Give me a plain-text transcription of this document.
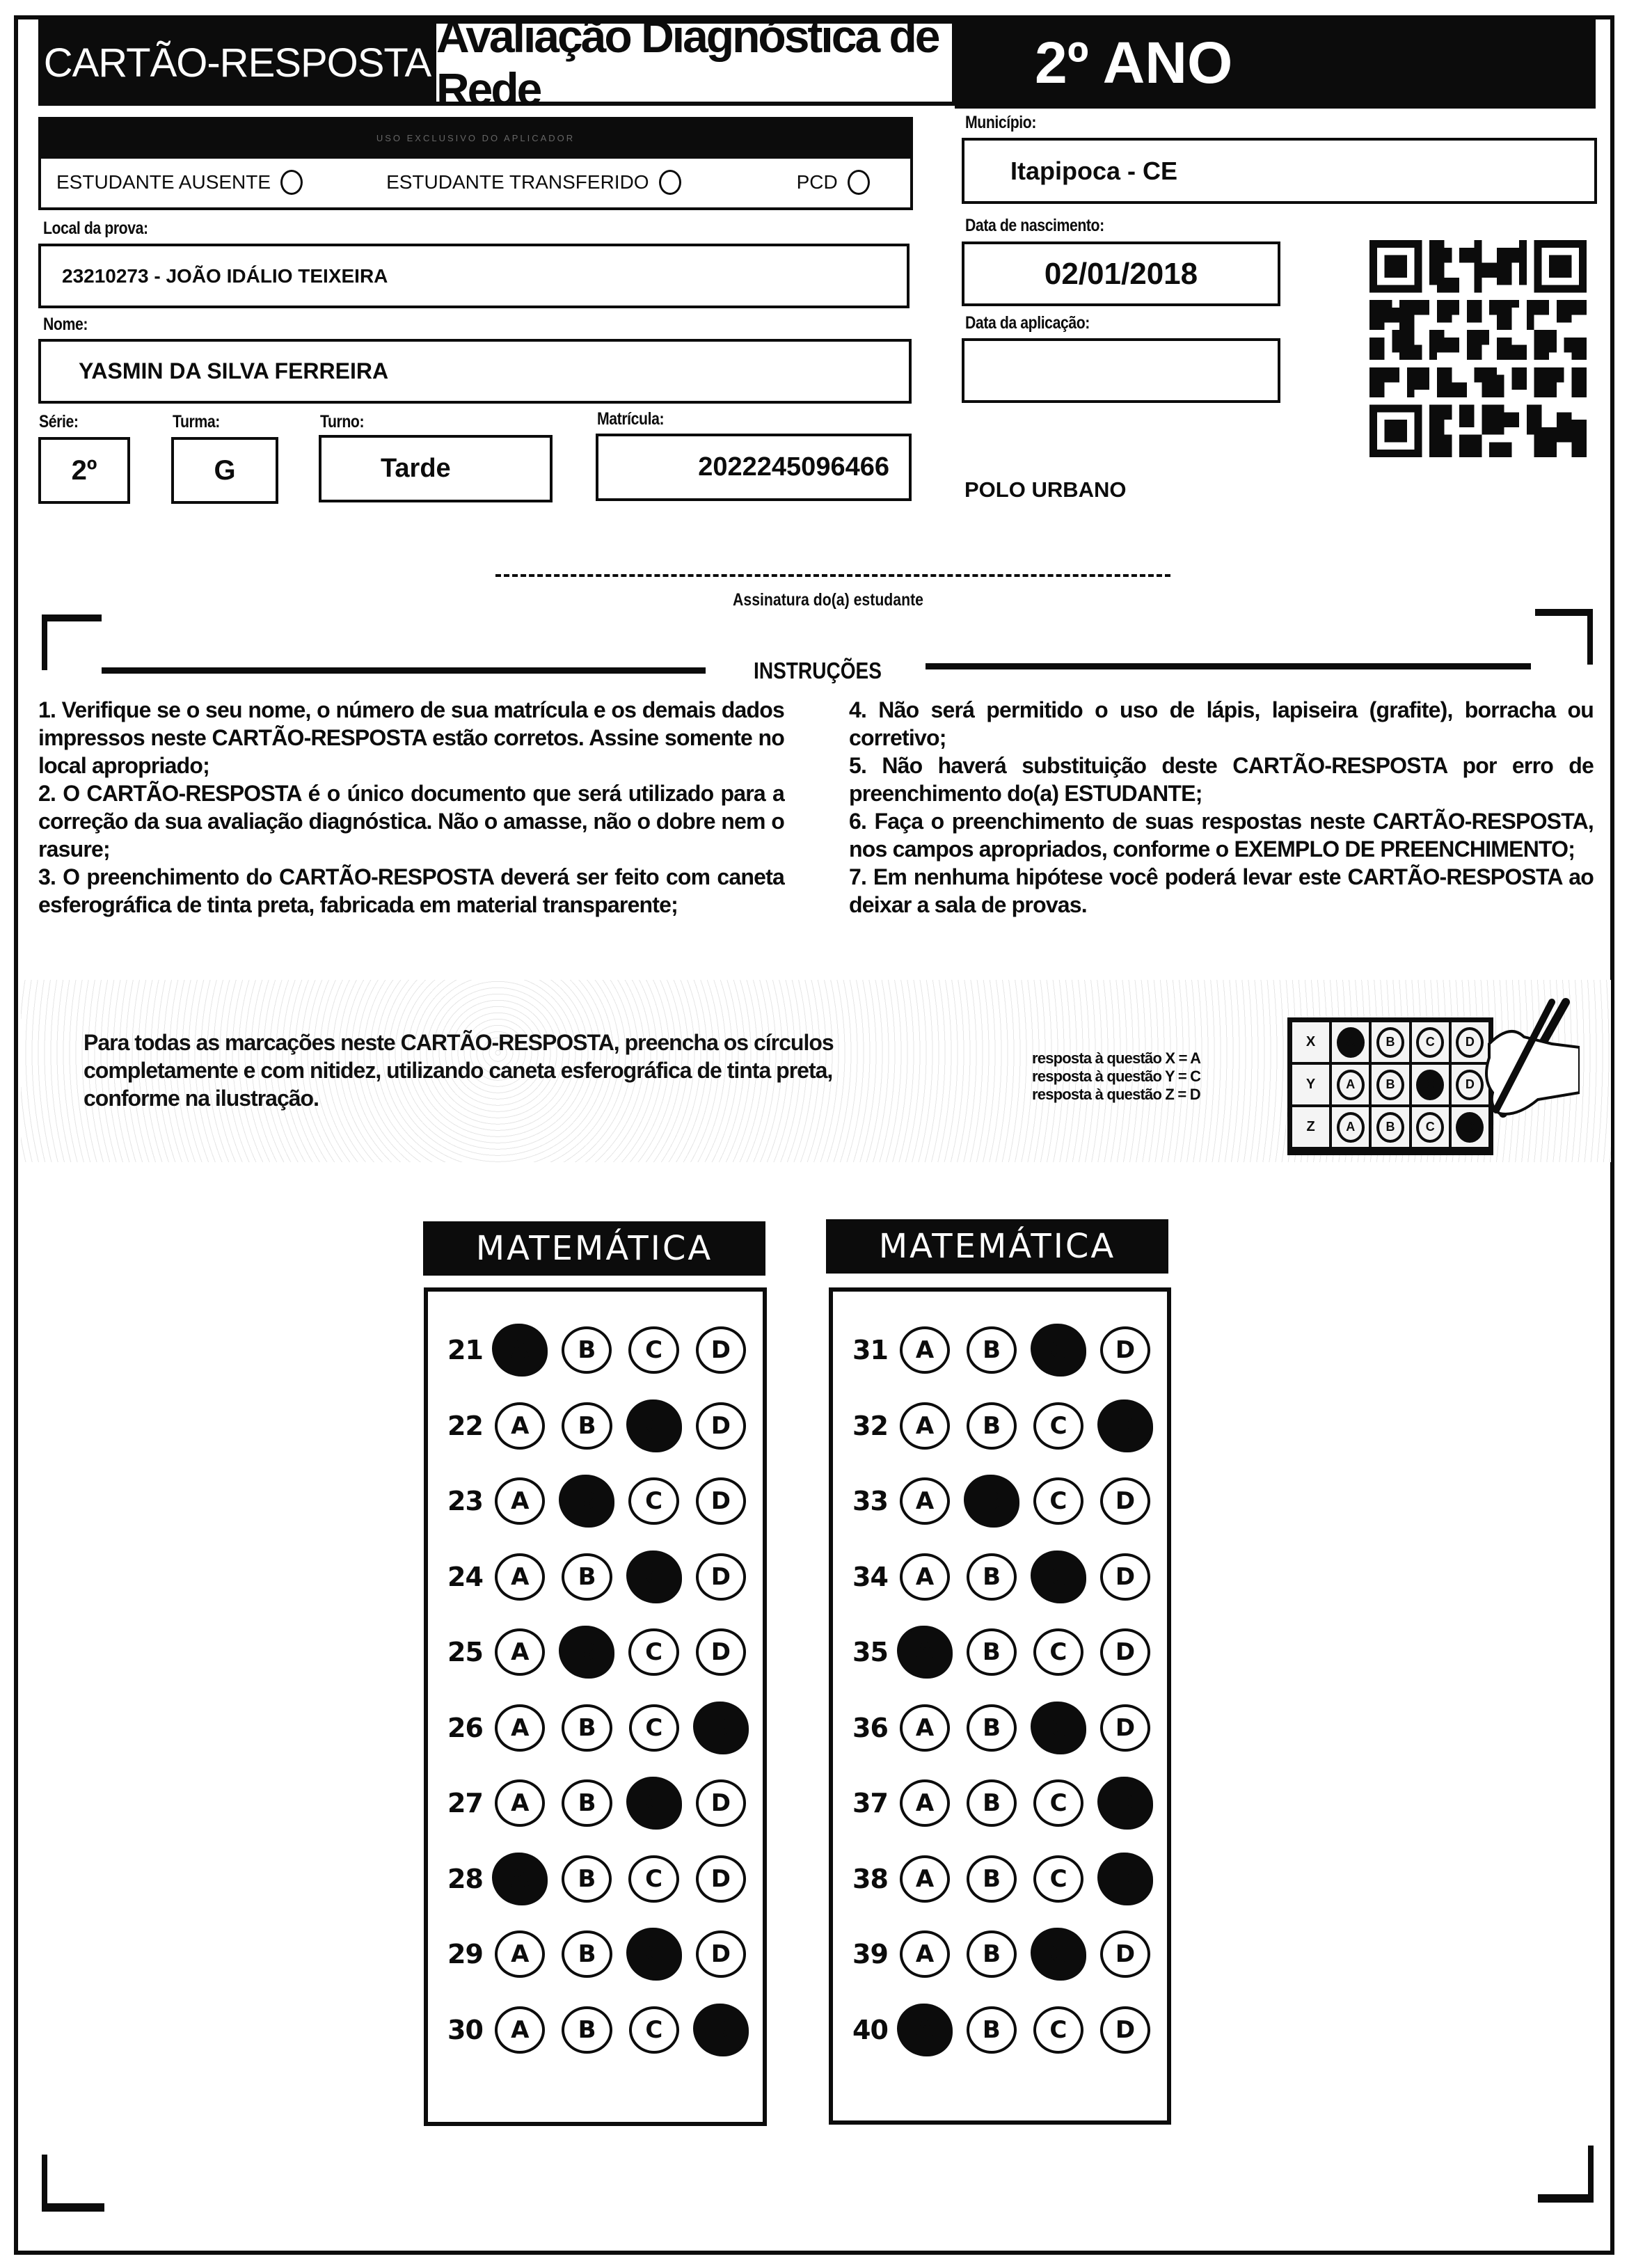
CARTÃO-RESPOSTA
Avaliação Diagnóstica de Rede	2º ANO
USO EXCLUSIVO DO APLICADOR
ESTUDANTE AUSENTE	ESTUDANTE TRANSFERIDO	PCD
Município:
Itapipoca - CE
Local da prova:
23210273 - JOÃO IDÁLIO TEIXEIRA
Nome:
YASMIN DA SILVA FERREIRA
Série:
2º
Turma:
G
Turno:
Tarde
Matrícula:
2022245096466
Data de nascimento:
02/01/2018
Data da aplicação:
POLO URBANO
Assinatura do(a) estudante
INSTRUÇÕES

1. Verifique se o seu nome, o número de sua matrícula e os demais dados impressos neste CARTÃO-RESPOSTA estão corretos. Assine somente no local apropriado;

2. O CARTÃO-RESPOSTA é o único documento que será utilizado para a correção da sua avaliação diagnóstica. Não o amasse, não o dobre nem o rasure;

3. O preenchimento do CARTÃO-RESPOSTA deverá ser feito com caneta esferográfica de tinta preta, fabricada em material transparente;

4. Não será permitido o uso de lápis, lapiseira (grafite), borracha ou corretivo;

5. Não haverá substituição deste CARTÃO-RESPOSTA por erro de preenchimento do(a) ESTUDANTE;

6. Faça o preenchimento de suas respostas neste CARTÃO-RESPOSTA, nos campos apropriados, conforme o EXEMPLO DE PREENCHIMENTO;

7. Em nenhuma hipótese você poderá levar este CARTÃO-RESPOSTA ao deixar a sala de provas.

Para todas as marcações neste CARTÃO-RESPOSTA, preencha os círculos completamente e com nitidez, utilizando caneta esferográfica de tinta preta, conforme na ilustração.
resposta à questão X = A
resposta à questão Y = C
resposta à questão Z = D
X	A	B	C	D
Y	A	B	C	D
Z	A	B	C	D
MATEMÁTICA
21	A	B	C	D
22	A	B	C	D
23	A	B	C	D
24	A	B	C	D
25	A	B	C	D
26	A	B	C	D
27	A	B	C	D
28	A	B	C	D
29	A	B	C	D
30	A	B	C	D
MATEMÁTICA
31	A	B	C	D
32	A	B	C	D
33	A	B	C	D
34	A	B	C	D
35	A	B	C	D
36	A	B	C	D
37	A	B	C	D
38	A	B	C	D
39	A	B	C	D
40	A	B	C	D
